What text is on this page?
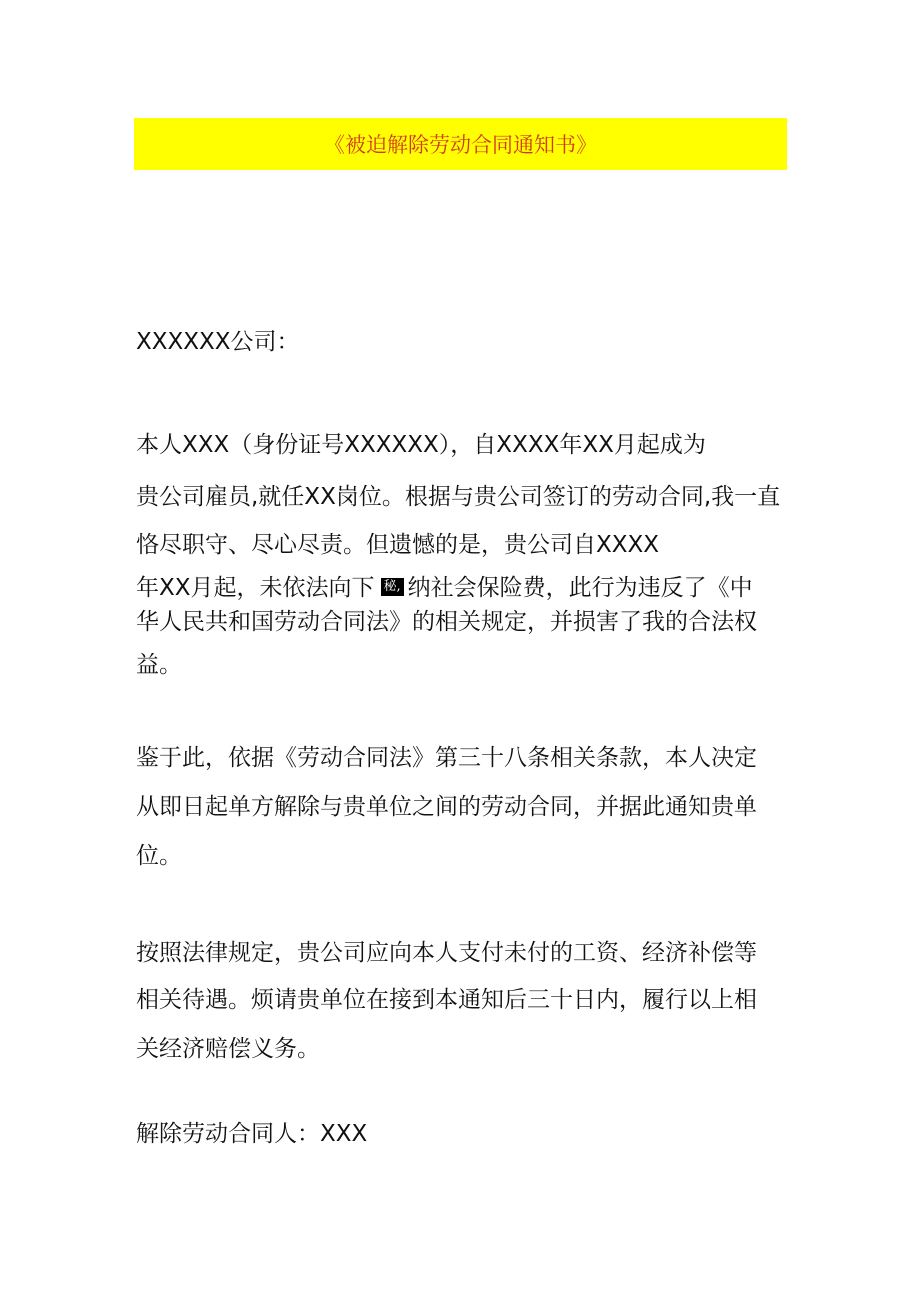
《被迫解除劳动合同通知书》
XXXXXX公司：
本人XXX（身份证号XXXXXX），自XXXX年XX月起成为
贵公司雇员,就任XX岗位。根据与贵公司签订的劳动合同,我一直
恪尽职守、尽心尽责。但遗憾的是，贵公司自XXXX
年XX月起，未依法向下 秘, 纳社会保险费，此行为违反了《中
华人民共和国劳动合同法》的相关规定，并损害了我的合法权
益。
鉴于此，依据《劳动合同法》第三十八条相关条款，本人决定
从即日起单方解除与贵单位之间的劳动合同，并据此通知贵单
位。
按照法律规定，贵公司应向本人支付未付的工资、经济补偿等
相关待遇。烦请贵单位在接到本通知后三十日内，履行以上相
关经济赔偿义务。
解除劳动合同人：XXX
